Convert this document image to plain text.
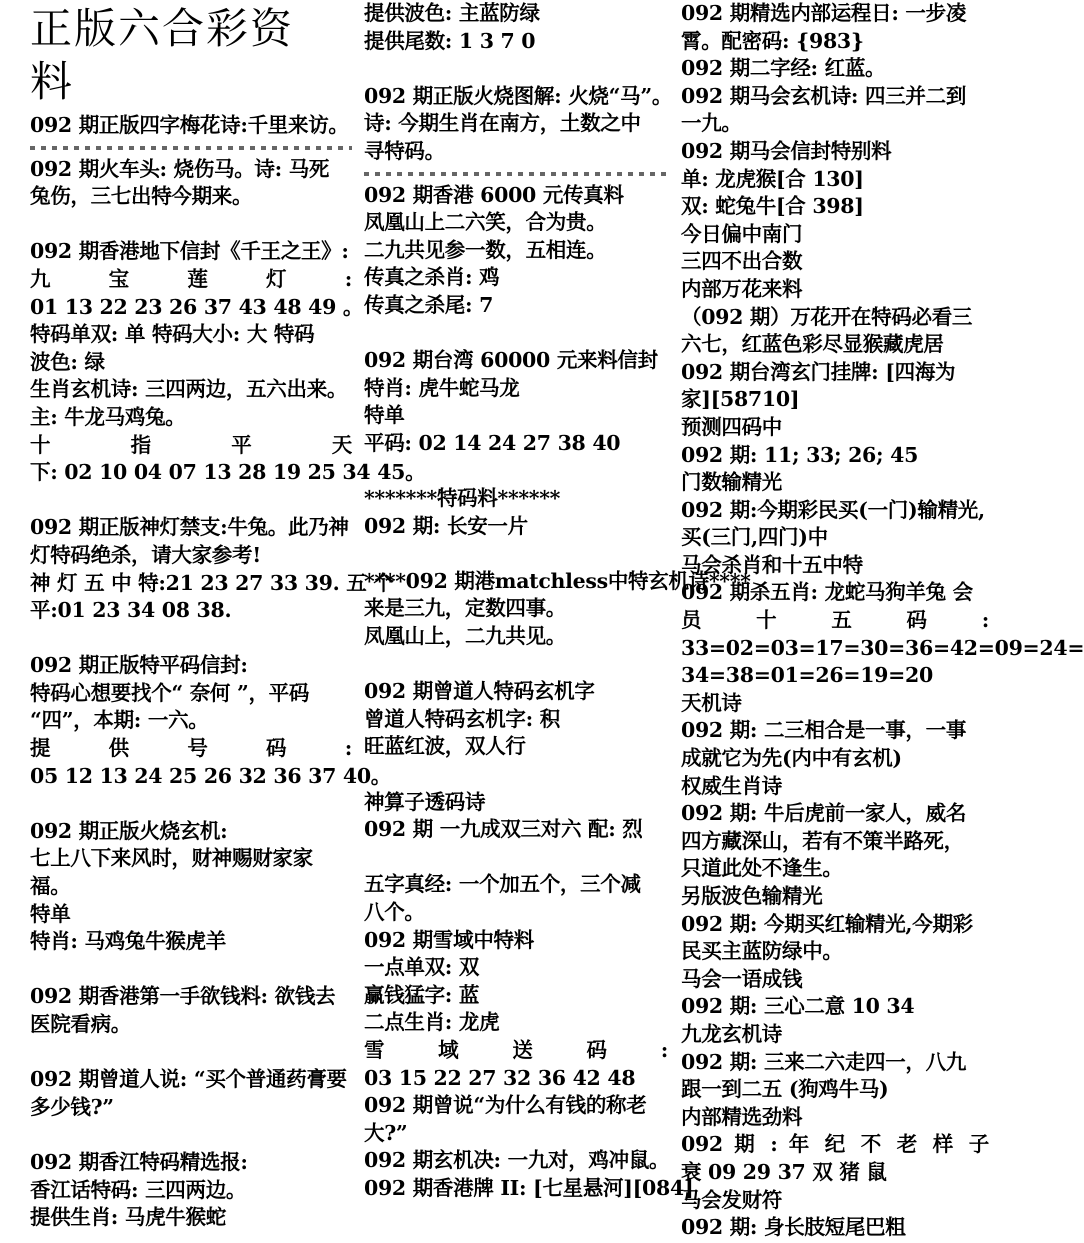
正版六合彩资
料
092 期正版四字梅花诗:千里来访。
092 期火车头: 烧伤马。诗: 马死
兔伤，三七出特今期来。
092 期香港地下信封《千王之王》:
九 宝 莲 灯 :
01 13 22 23 26 37 43 48 49 。
特码单双: 单 特码大小: 大 特码
波色: 绿
生肖玄机诗: 三四两边，五六出来。
主: 牛龙马鸡兔。
十 指 平 天
下: 02 10 04 07 13 28 19 25 34 45。
092 期正版神灯禁支:牛兔。此乃神
灯特码绝杀，请大家参考!
神 灯 五 中 特:21 23 27 33 39. 五 个
平:01 23 34 08 38.
092 期正版特平码信封:
特码心想要找个“ 奈何 ”，平码
“四”，本期: 一六。
提 供 号 码 :
05 12 13 24 25 26 32 36 37 40。
092 期正版火烧玄机:
七上八下来风时，财神赐财家家
福。
特单
特肖: 马鸡兔牛猴虎羊
092 期香港第一手欲钱料: 欲钱去
医院看病。
092 期曾道人说: “买个普通药膏要
多少钱?”
092 期香江特码精选报:
香江话特码: 三四两边。
提供生肖: 马虎牛猴蛇
提供波色: 主蓝防绿
提供尾数: 1 3 7 0
092 期正版火烧图解: 火烧“马”。
诗: 今期生肖在南方，土数之中
寻特码。
092 期香港 6000 元传真料
凤凰山上二六笑，合为贵。
二九共见参一数，五相连。
传真之杀肖: 鸡
传真之杀尾: 7
092 期台湾 60000 元来料信封
特肖: 虎牛蛇马龙
特单
平码: 02 14 24 27 38 40
*******特码料******
092 期: 长安一片
****092 期港matchless中特玄机诗****
来是三九，定数四事。
凤凰山上，二九共见。
092 期曾道人特码玄机字
曾道人特码玄机字: 积
旺蓝红波，双人行
神算子透码诗
092 期 一九成双三对六 配: 烈
五字真经: 一个加五个，三个减
八个。
092 期雪域中特料
一点单双: 双
赢钱猛字: 蓝
二点生肖: 龙虎
雪 域 送 码 :
03 15 22 27 32 36 42 48
092 期曾说“为什么有钱的称老
大?”
092 期玄机决: 一九对，鸡冲鼠。
092 期香港牌 II: [七星悬河][084]
092 期精选内部运程日: 一步凌
霄。配密码: {983}
092 期二字经: 红蓝。
092 期马会玄机诗: 四三并二到
一九。
092 期马会信封特别料
单: 龙虎猴[合 130]
双: 蛇兔牛[合 398]
今日偏中南门
三四不出合数
内部万花来料
（092 期）万花开在特码必看三
六七，红蓝色彩尽显猴藏虎居
092 期台湾玄门挂牌: [四海为
家][58710]
预测四码中
092 期: 11; 33; 26; 45
门数输精光
092 期:今期彩民买(一门)输精光,
买(三门,四门)中
马会杀肖和十五中特
092 期杀五肖: 龙蛇马狗羊兔 会
员 十 五 码 :
33=02=03=17=30=36=42=09=24=
34=38=01=26=19=20
天机诗
092 期: 二三相合是一事，一事
成就它为先(内中有玄机)
权威生肖诗
092 期: 牛后虎前一家人，威名
四方藏深山，若有不策半路死，
只道此处不逢生。
另版波色输精光
092 期: 今期买红输精光,今期彩
民买主蓝防绿中。
马会一语成钱
092 期: 三心二意 10 34
九龙玄机诗
092 期: 三来二六走四一，八九
跟一到二五 (狗鸡牛马)
内部精选劲料
092 期 : 年 纪 不 老 样 子
衰 09 29 37 双 猪 鼠
马会发财符
092 期: 身长肢短尾巴粗
